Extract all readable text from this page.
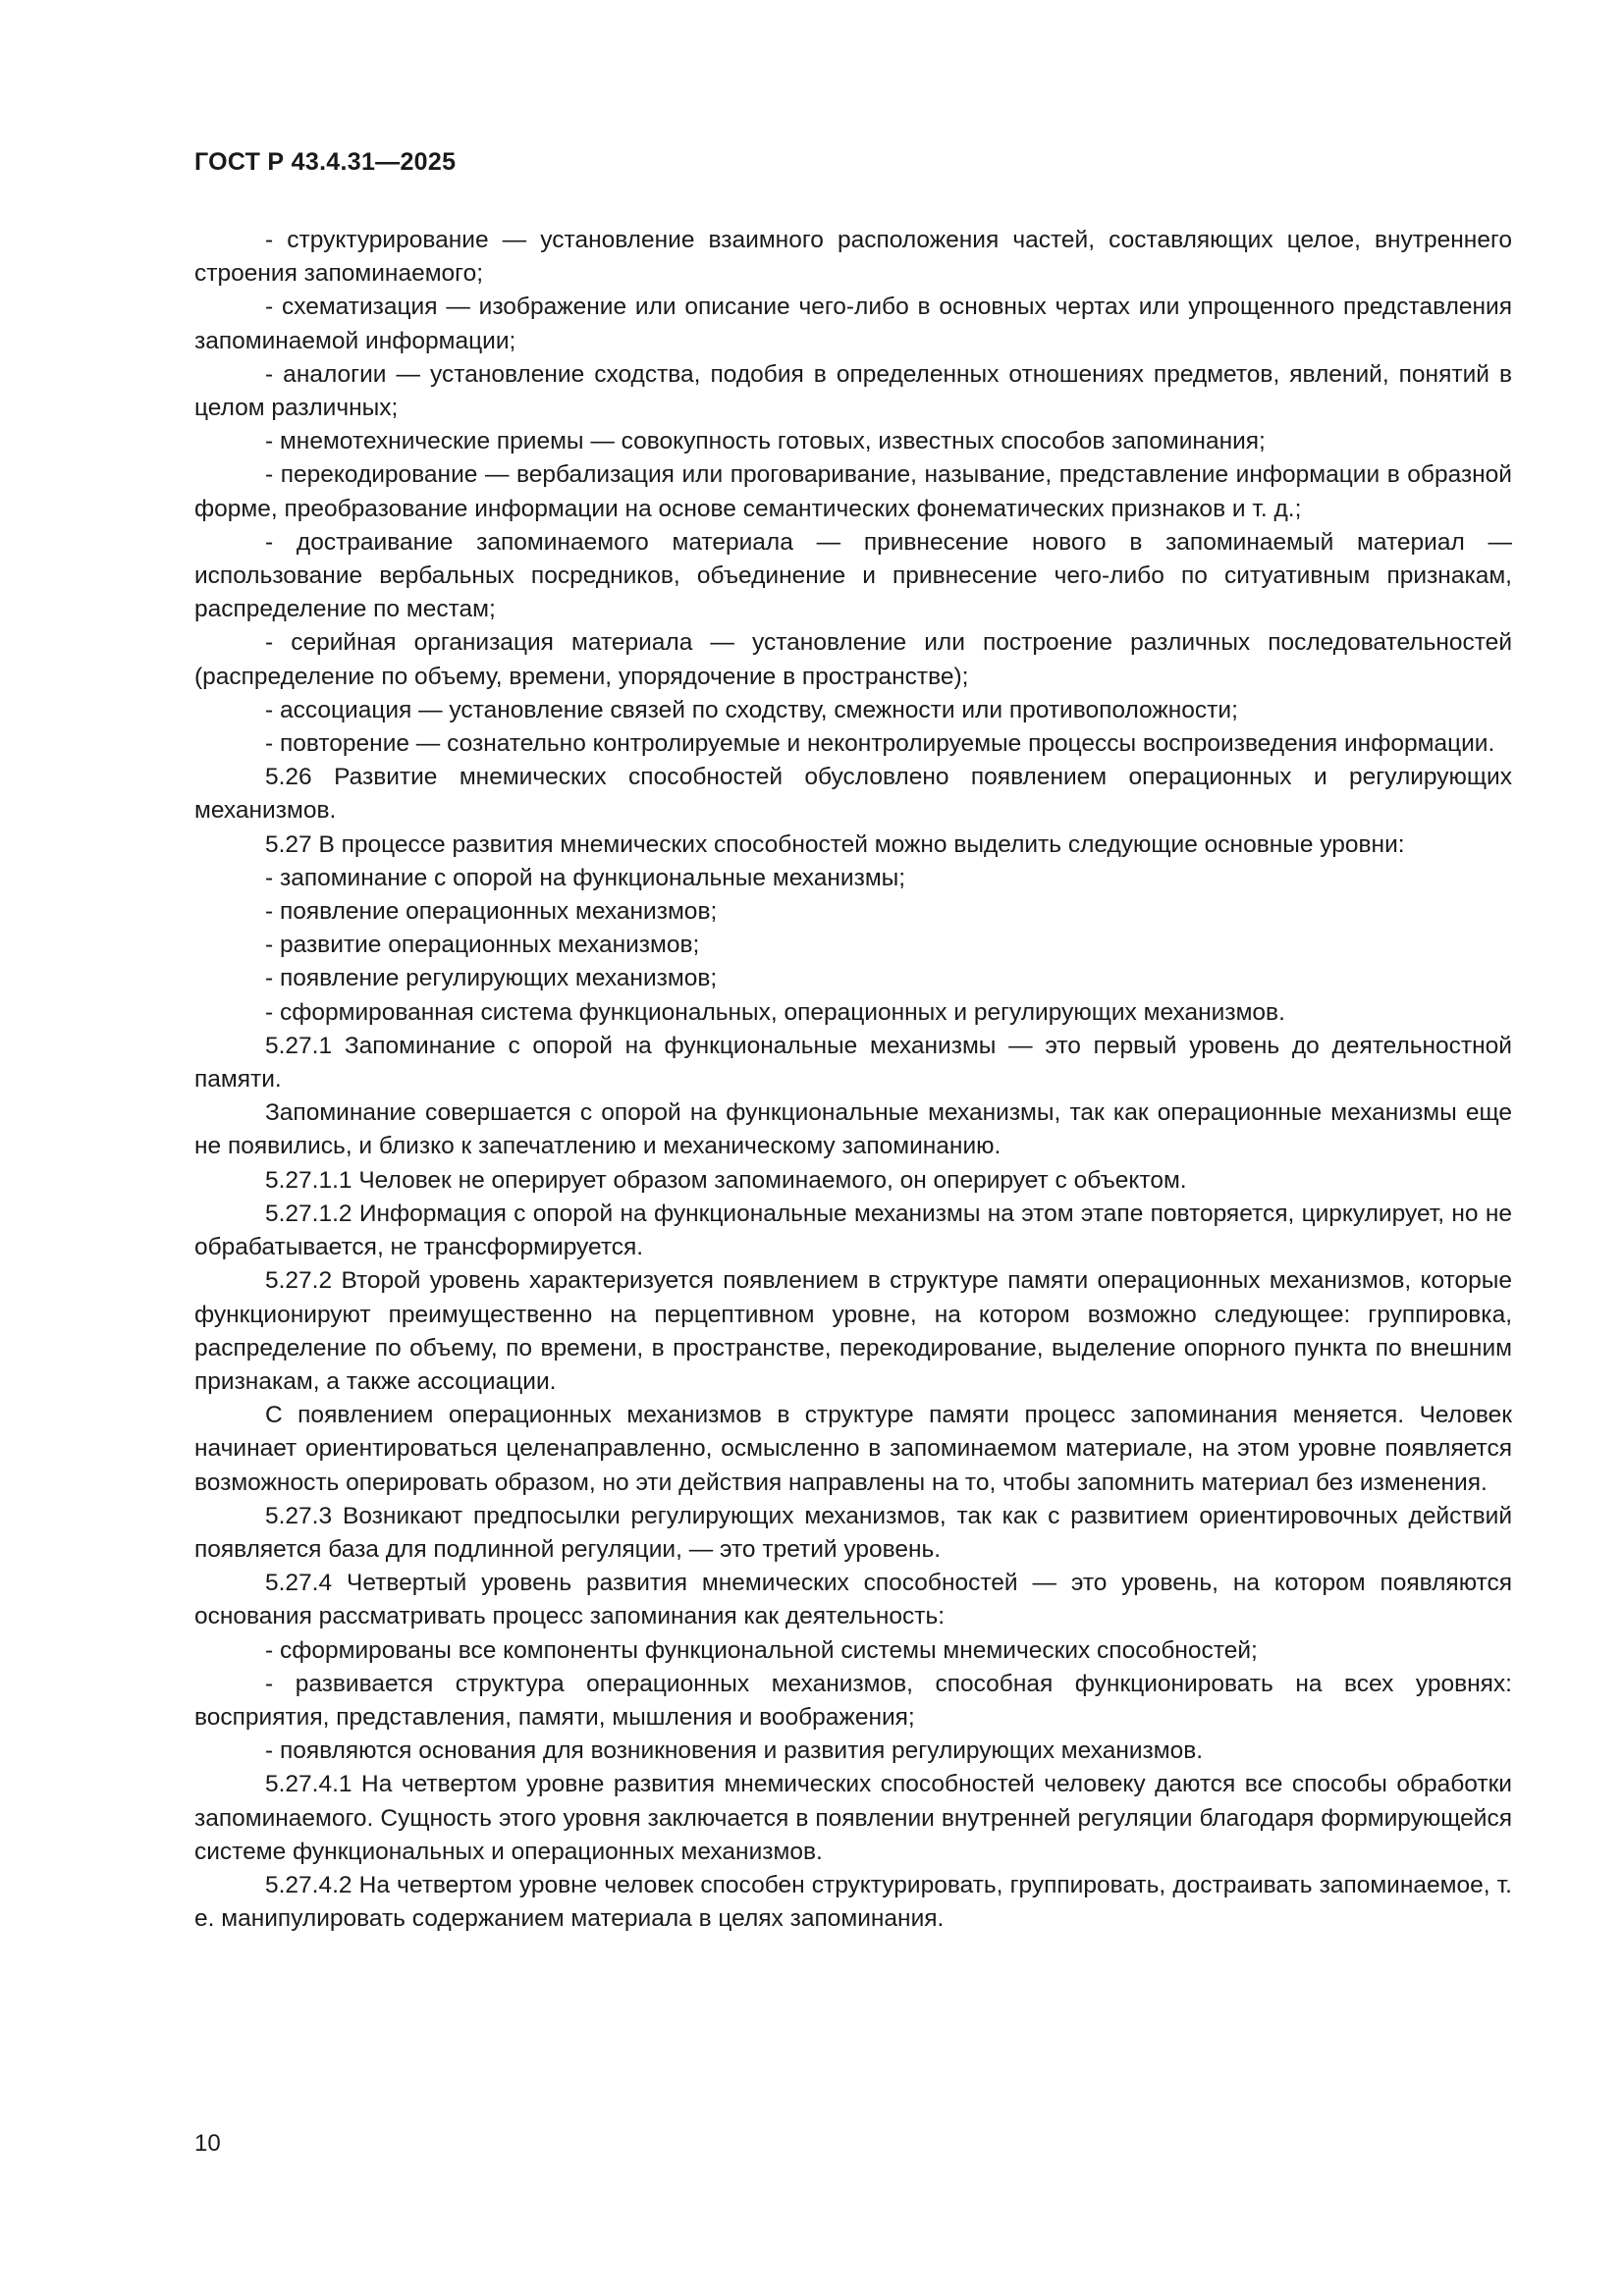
ГОСТ Р 43.4.31—2025

- структурирование — установление взаимного расположения частей, составляющих целое, внутреннего строения запоминаемого;

- схематизация — изображение или описание чего-либо в основных чертах или упрощенного представления запоминаемой информации;

- аналогии — установление сходства, подобия в определенных отношениях предметов, явлений, понятий в целом различных;

- мнемотехнические приемы — совокупность готовых, известных способов запоминания;

- перекодирование — вербализация или проговаривание, называние, представление информации в образной форме, преобразование информации на основе семантических фонематических признаков и т. д.;

- достраивание запоминаемого материала — привнесение нового в запоминаемый материал — использование вербальных посредников, объединение и привнесение чего-либо по ситуативным признакам, распределение по местам;

- серийная организация материала — установление или построение различных последовательностей (распределение по объему, времени, упорядочение в пространстве);

- ассоциация — установление связей по сходству, смежности или противоположности;

- повторение — сознательно контролируемые и неконтролируемые процессы воспроизведения информации.

5.26 Развитие мнемических способностей обусловлено появлением операционных и регулирующих механизмов.

5.27 В процессе развития мнемических способностей можно выделить следующие основные уровни:

- запоминание с опорой на функциональные механизмы;

- появление операционных механизмов;

- развитие операционных механизмов;

- появление регулирующих механизмов;

- сформированная система функциональных, операционных и регулирующих механизмов.

5.27.1 Запоминание с опорой на функциональные механизмы — это первый уровень до деятельностной памяти.

Запоминание совершается с опорой на функциональные механизмы, так как операционные механизмы еще не появились, и близко к запечатлению и механическому запоминанию.

5.27.1.1 Человек не оперирует образом запоминаемого, он оперирует с объектом.

5.27.1.2 Информация с опорой на функциональные механизмы на этом этапе повторяется, циркулирует, но не обрабатывается, не трансформируется.

5.27.2 Второй уровень характеризуется появлением в структуре памяти операционных механизмов, которые функционируют преимущественно на перцептивном уровне, на котором возможно следующее: группировка, распределение по объему, по времени, в пространстве, перекодирование, выделение опорного пункта по внешним признакам, а также ассоциации.

С появлением операционных механизмов в структуре памяти процесс запоминания меняется. Человек начинает ориентироваться целенаправленно, осмысленно в запоминаемом материале, на этом уровне появляется возможность оперировать образом, но эти действия направлены на то, чтобы запомнить материал без изменения.

5.27.3 Возникают предпосылки регулирующих механизмов, так как с развитием ориентировочных действий появляется база для подлинной регуляции, — это третий уровень.

5.27.4 Четвертый уровень развития мнемических способностей — это уровень, на котором появляются основания рассматривать процесс запоминания как деятельность:

- сформированы все компоненты функциональной системы мнемических способностей;

- развивается структура операционных механизмов, способная функционировать на всех уровнях: восприятия, представления, памяти, мышления и воображения;

- появляются основания для возникновения и развития регулирующих механизмов.

5.27.4.1 На четвертом уровне развития мнемических способностей человеку даются все способы обработки запоминаемого. Сущность этого уровня заключается в появлении внутренней регуляции благодаря формирующейся системе функциональных и операционных механизмов.

5.27.4.2 На четвертом уровне человек способен структурировать, группировать, достраивать запоминаемое, т. е. манипулировать содержанием материала в целях запоминания.

10
